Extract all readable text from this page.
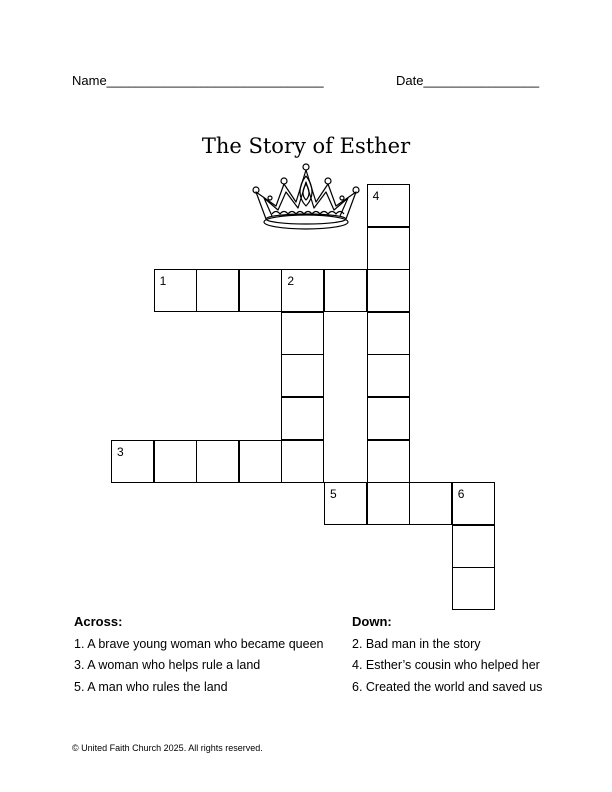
Name______________________________	Date________________
The Story of Esther
4
1	2
3
5	6
Across:
1. A brave young woman who became queen
3. A woman who helps rule a land
5. A man who rules the land
Down:
2. Bad man in the story
4. Esther’s cousin who helped her
6. Created the world and saved us
© United Faith Church 2025. All rights reserved.
